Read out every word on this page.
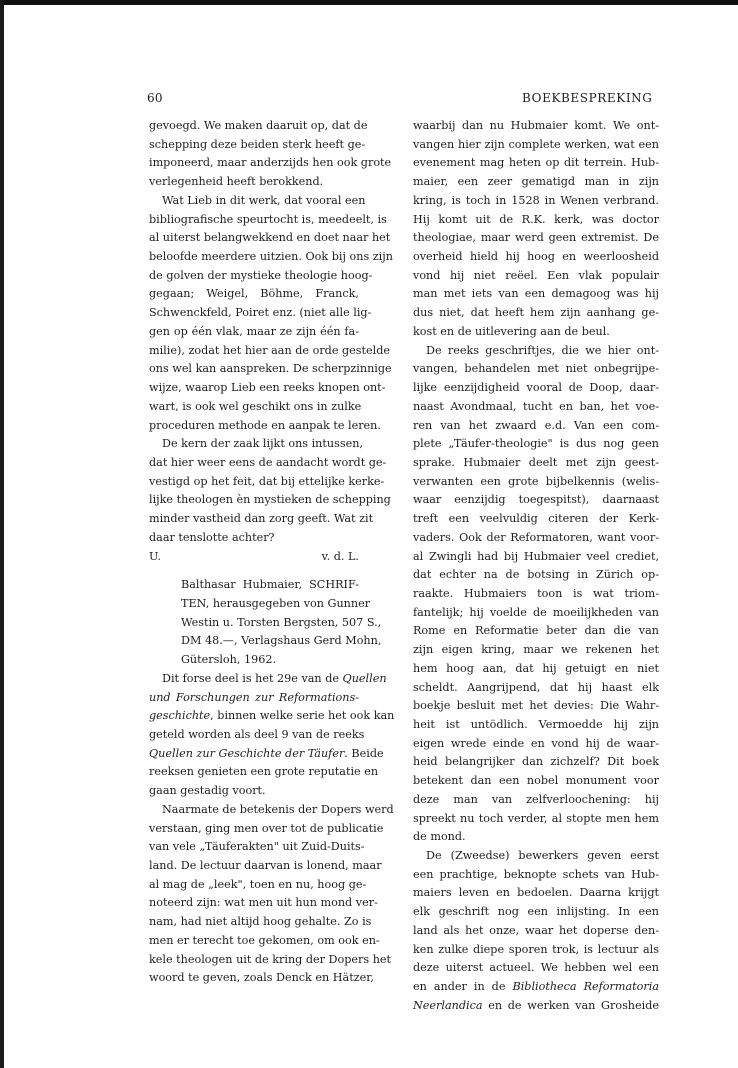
60	BOEKBESPREKING
gevoegd. We maken daaruit op, dat de
schepping deze beiden sterk heeft ge-
imponeerd, maar anderzijds hen ook grote
verlegenheid heeft berokkend.
Wat Lieb in dit werk, dat vooral een
bibliografische speurtocht is, meedeelt, is
al uiterst belangwekkend en doet naar het
beloofde meerdere uitzien. Ook bij ons zijn
de golven der mystieke theologie hoog-
gegaan; Weigel, Böhme, Franck,
Schwenckfeld, Poiret enz. (niet alle lig-
gen op één vlak, maar ze zijn één fa-
milie), zodat het hier aan de orde gestelde
ons wel kan aanspreken. De scherpzinnige
wijze, waarop Lieb een reeks knopen ont-
wart, is ook wel geschikt ons in zulke
proceduren methode en aanpak te leren.
De kern der zaak lijkt ons intussen,
dat hier weer eens de aandacht wordt ge-
vestigd op het feit, dat bij ettelijke kerke-
lijke theologen èn mystieken de schepping
minder vastheid dan zorg geeft. Wat zit
daar tenslotte achter?
U.	v. d. L.
Balthasar Hubmaier, SCHRIF-
TEN, herausgegeben von Gunner
Westin u. Torsten Bergsten, 507 S.,
DM 48.—, Verlagshaus Gerd Mohn,
Gütersloh, 1962.
Dit forse deel is het 29e van de Quellen
und Forschungen zur Reformations-
geschichte, binnen welke serie het ook kan
geteld worden als deel 9 van de reeks
Quellen zur Geschichte der Täufer. Beide
reeksen genieten een grote reputatie en
gaan gestadig voort.
Naarmate de betekenis der Dopers werd
verstaan, ging men over tot de publicatie
van vele „Täuferakten" uit Zuid-Duits-
land. De lectuur daarvan is lonend, maar
al mag de „leek", toen en nu, hoog ge-
noteerd zijn: wat men uit hun mond ver-
nam, had niet altijd hoog gehalte. Zo is
men er terecht toe gekomen, om ook en-
kele theologen uit de kring der Dopers het
woord te geven, zoals Denck en Hätzer,
waarbij dan nu Hubmaier komt. We ont-
vangen hier zijn complete werken, wat een
evenement mag heten op dit terrein. Hub-
maier, een zeer gematigd man in zijn
kring, is toch in 1528 in Wenen verbrand.
Hij komt uit de R.K. kerk, was doctor
theologiae, maar werd geen extremist. De
overheid hield hij hoog en weerloosheid
vond hij niet reëel. Een vlak populair
man met iets van een demagoog was hij
dus niet, dat heeft hem zijn aanhang ge-
kost en de uitlevering aan de beul.
De reeks geschriftjes, die we hier ont-
vangen, behandelen met niet onbegrijpe-
lijke eenzijdigheid vooral de Doop, daar-
naast Avondmaal, tucht en ban, het voe-
ren van het zwaard e.d. Van een com-
plete „Täufer-theologie" is dus nog geen
sprake. Hubmaier deelt met zijn geest-
verwanten een grote bijbelkennis (welis-
waar eenzijdig toegespitst), daarnaast
treft een veelvuldig citeren der Kerk-
vaders. Ook der Reformatoren, want voor-
al Zwingli had bij Hubmaier veel crediet,
dat echter na de botsing in Zürich op-
raakte. Hubmaiers toon is wat triom-
fantelijk; hij voelde de moeilijkheden van
Rome en Reformatie beter dan die van
zijn eigen kring, maar we rekenen het
hem hoog aan, dat hij getuigt en niet
scheldt. Aangrijpend, dat hij haast elk
boekje besluit met het devies: Die Wahr-
heit ist untödlich. Vermoedde hij zijn
eigen wrede einde en vond hij de waar-
heid belangrijker dan zichzelf? Dit boek
betekent dan een nobel monument voor
deze man van zelfverloochening: hij
spreekt nu toch verder, al stopte men hem
de mond.
De (Zweedse) bewerkers geven eerst
een prachtige, beknopte schets van Hub-
maiers leven en bedoelen. Daarna krijgt
elk geschrift nog een inlijsting. In een
land als het onze, waar het doperse den-
ken zulke diepe sporen trok, is lectuur als
deze uiterst actueel. We hebben wel een
en ander in de Bibliotheca Reformatoria
Neerlandica en de werken van Grosheide
